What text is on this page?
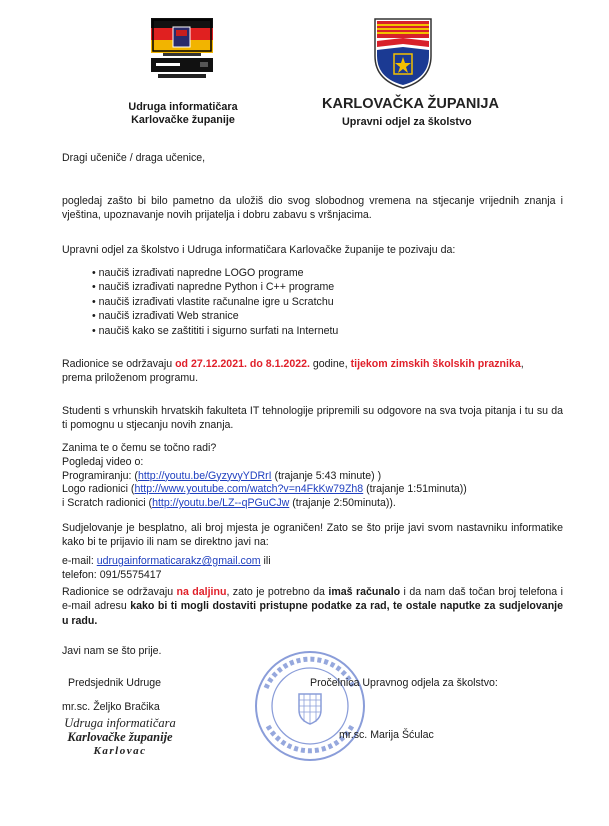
Udruga informatičara
Karlovačke županije
KARLOVAČKA ŽUPANIJA
Upravni odjel za školstvo
Dragi učeniče / draga učenice,
pogledaj zašto bi bilo pametno da uložiš dio svog slobodnog vremena na stjecanje vrijednih znanja i vještina, upoznavanje novih prijatelja i dobru zabavu s vršnjacima.
Upravni odjel za školstvo i Udruga informatičara Karlovačke županije te pozivaju da:
• naučiš izrađivati napredne LOGO programe
• naučiš izrađivati napredne Python i C++ programe
• naučiš izrađivati vlastite računalne igre u Scratchu
• naučiš izrađivati Web stranice
• naučiš kako se zaštititi i sigurno surfati na Internetu
Radionice se održavaju od 27.12.2021. do 8.1.2022. godine, tijekom zimskih školskih praznika,
prema priloženom programu.
Studenti s vrhunskih hrvatskih fakulteta IT tehnologije pripremili su odgovore na sva tvoja pitanja i tu su da ti pomognu u stjecanju novih znanja.
Zanima te o čemu se točno radi?
Pogledaj video o:
Programiranju: (http://youtu.be/GyzyvyYDRrI (trajanje 5:43 minute) )
Logo radionici (http://www.youtube.com/watch?v=n4FkKw79Zh8 (trajanje 1:51minuta))
i Scratch radionici (http://youtu.be/LZ--qPGuCJw (trajanje 2:50minuta)).
Sudjelovanje je besplatno, ali broj mjesta je ograničen! Zato se što prije javi svom nastavniku informatike kako bi te prijavio ili nam se direktno javi na:
e-mail: udrugainformaticarakz@gmail.com ili
telefon: 091/5575417
Radionice se održavaju na daljinu, zato je potrebno da imaš računalo i da nam daš točan broj telefona i e-mail adresu kako bi ti mogli dostaviti pristupne podatke za rad, te ostale naputke za sudjelovanje u radu.
Javi nam se što prije.
Predsjednik Udruge	Pročelnica Upravnog odjela za školstvo:
mr.sc. Željko Bračika
Udruga informatičara
Karlovačke županije
Karlovac
mr.sc. Marija Šćulac
